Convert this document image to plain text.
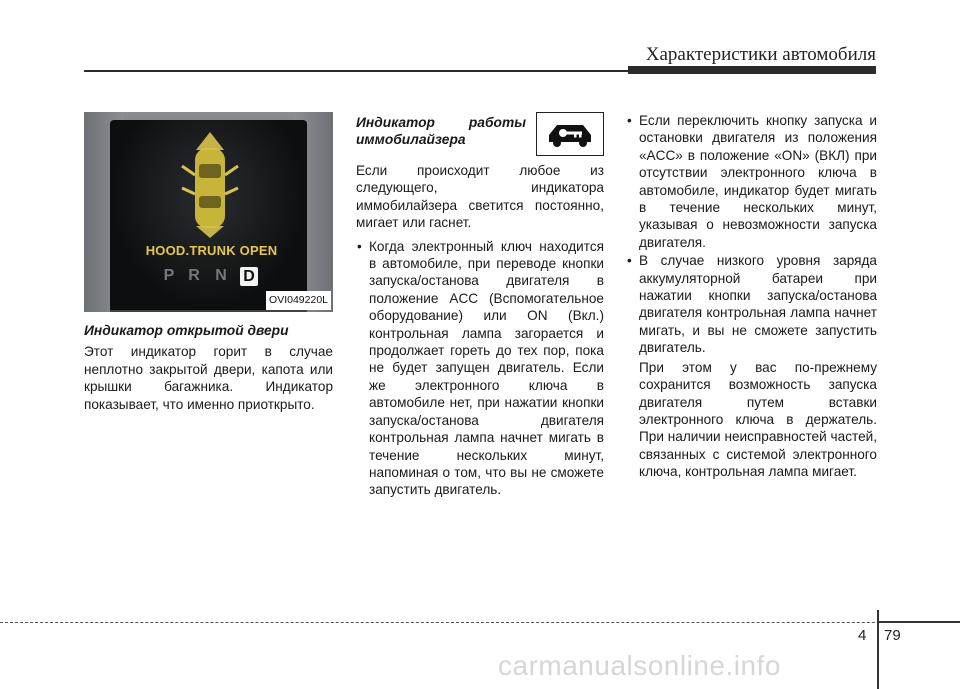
Характеристики автомобиля
HOOD.TRUNK OPEN
P R N D
OVI049220L
Индикатор открытой двери

Этот индикатор горит в случае неплотно закрытой двери, капота или крышки багажника. Индикатор показывает, что именно приоткрыто.

Индикатор работы иммобилайзера

Если происходит любое из следующего, индикатора иммобилайзера светится постоянно, мигает или гаснет.

• Когда электронный ключ находится в автомобиле, при переводе кнопки запуска/останова двигателя в положение ACC (Вспомогательное оборудование) или ON (Вкл.) контрольная лампа загорается и продолжает гореть до тех пор, пока не будет запущен двигатель. Если же электронного ключа в автомобиле нет, при нажатии кнопки запуска/останова двигателя контрольная лампа начнет мигать в течение нескольких минут, напоминая о том, что вы не сможете запустить двигатель.
• Если переключить кнопку запуска и остановки двигателя из положения «ACC» в положение «ON» (ВКЛ) при отсутствии электронного ключа в автомобиле, индикатор будет мигать в течение нескольких минут, указывая о невозможности запуска двигателя.
• В случае низкого уровня заряда аккумуляторной батареи при нажатии кнопки запуска/останова двигателя контрольная лампа начнет мигать, и вы не сможете запустить двигатель.

При этом у вас по-прежнему сохранится возможность запуска двигателя путем вставки электронного ключа в держатель. При наличии неисправностей частей, связанных с системой электронного ключа, контрольная лампа мигает.

4 79
carmanualsonline.info
